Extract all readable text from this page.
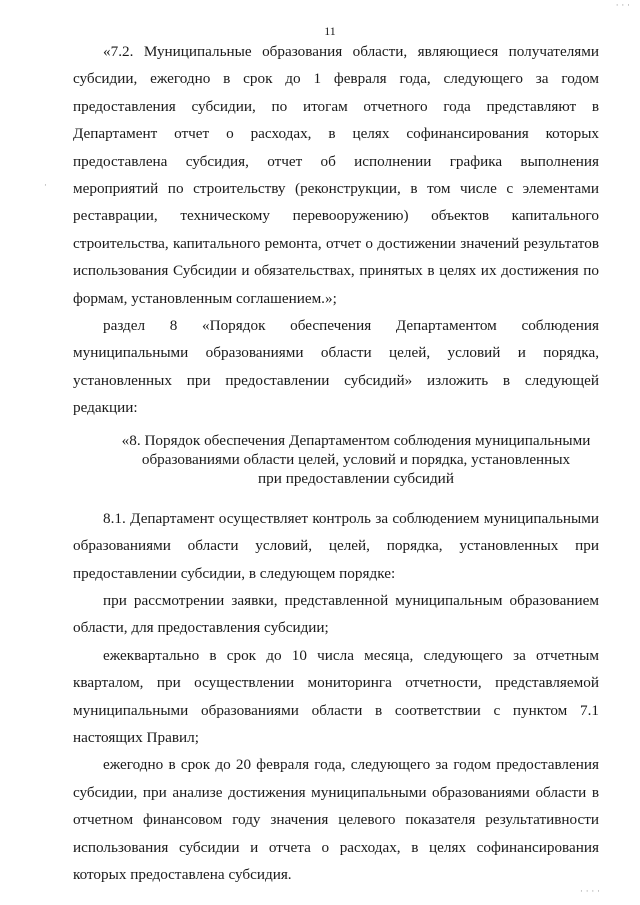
11

«7.2. Муниципальные образования области, являющиеся получателями субсидии, ежегодно в срок до 1 февраля года, следующего за годом предоставления субсидии, по итогам отчетного года представляют в Департамент отчет о расходах, в целях софинансирования которых предоставлена субсидия, отчет об исполнении графика выполнения мероприятий по строительству (реконструкции, в том числе с элементами реставрации, техническому перевооружению) объектов капитального строительства, капитального ремонта, отчет о достижении значений результатов использования Субсидии и обязательствах, принятых в целях их достижения по формам, установленным соглашением.»;

раздел 8 «Порядок обеспечения Департаментом соблюдения муниципальными образованиями области целей, условий и порядка, установленных при предоставлении субсидий» изложить в следующей редакции:

«8. Порядок обеспечения Департаментом соблюдения муниципальными
образованиями области целей, условий и порядка, установленных
при предоставлении субсидий

8.1. Департамент осуществляет контроль за соблюдением муниципальными образованиями области условий, целей, порядка, установленных при предоставлении субсидии, в следующем порядке:

при рассмотрении заявки, представленной муниципальным образованием области, для предоставления субсидии;

ежеквартально в срок до 10 числа месяца, следующего за отчетным кварталом, при осуществлении мониторинга отчетности, представляемой муниципальными образованиями области в соответствии с пунктом 7.1 настоящих Правил;

ежегодно в срок до 20 февраля года, следующего за годом предоставления субсидии, при анализе достижения муниципальными образованиями области в отчетном финансовом году значения целевого показателя результативности использования субсидии и отчета о расходах, в целях софинансирования которых предоставлена субсидия.

· · ·
·
· · · ·
